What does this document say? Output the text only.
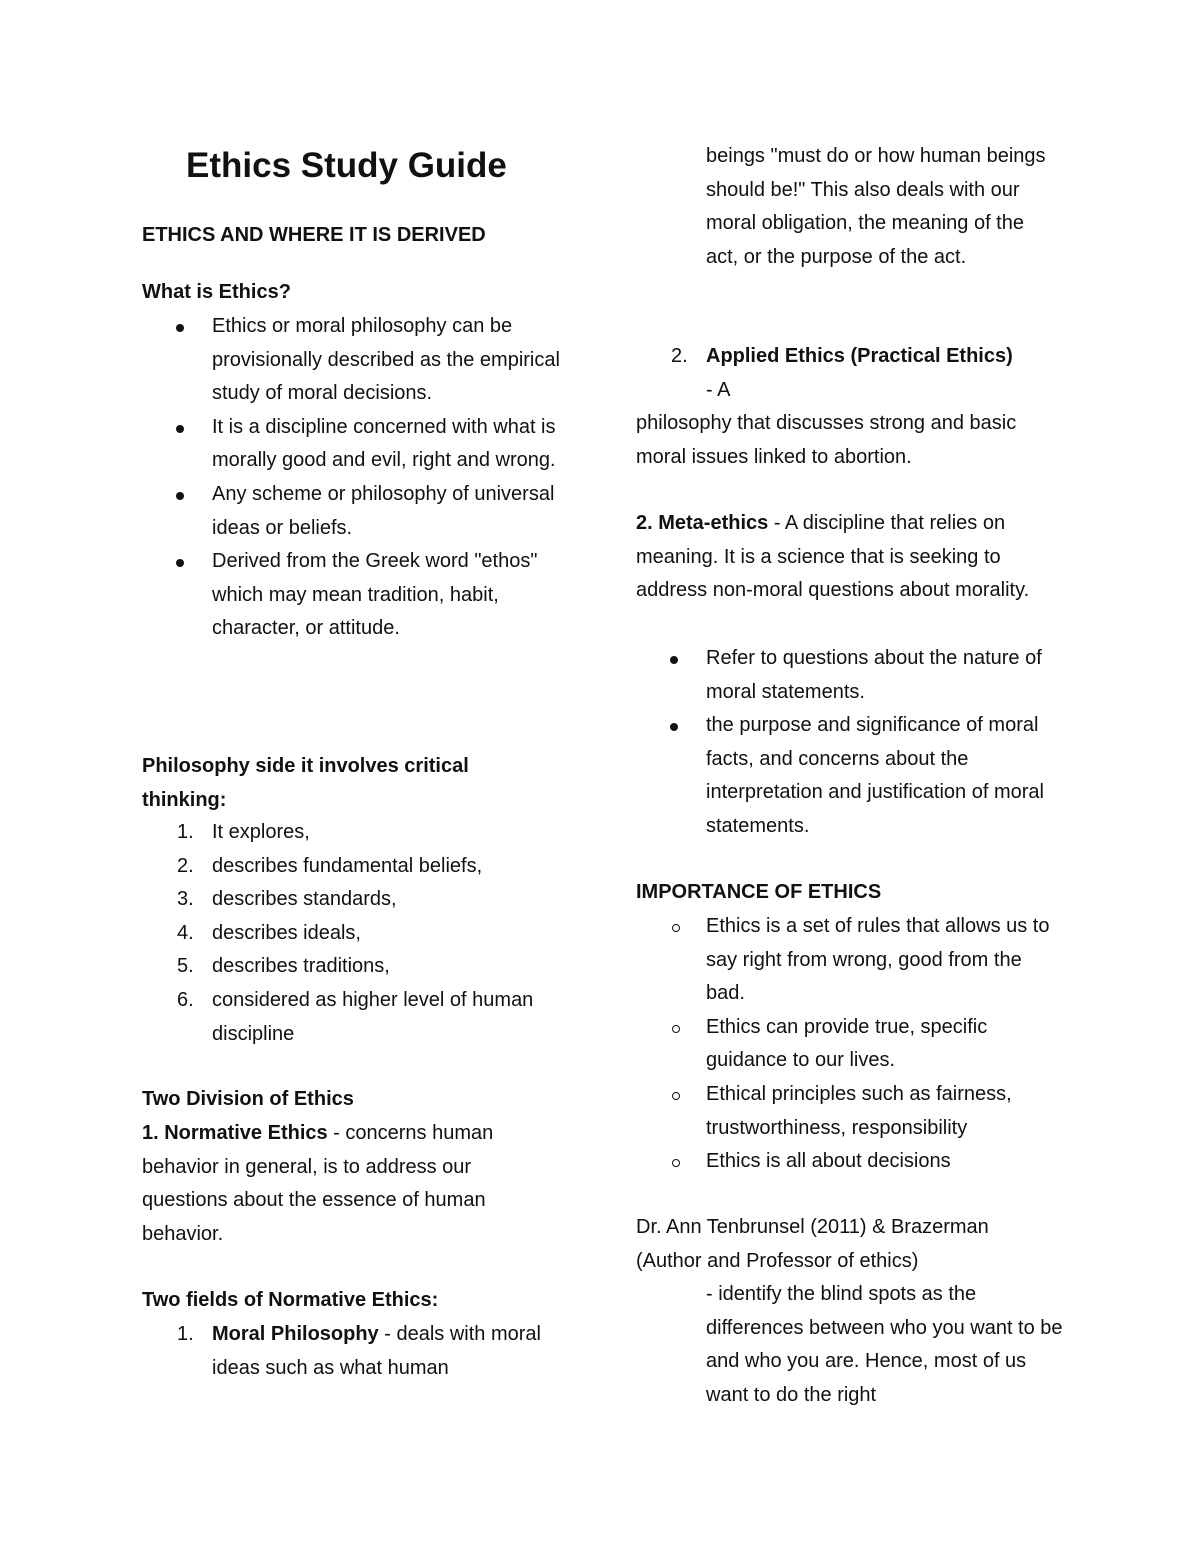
Ethics Study Guide
ETHICS AND WHERE IT IS DERIVED
What is Ethics?
Ethics or moral philosophy can be provisionally described as the empirical study of moral decisions.
It is a discipline concerned with what is morally good and evil, right and wrong.
Any scheme or philosophy of universal ideas or beliefs.
Derived from the Greek word "ethos" which may mean tradition, habit, character, or attitude.
Philosophy side it involves critical thinking:
1. It explores,
2. describes fundamental beliefs,
3. describes standards,
4. describes ideals,
5. describes traditions,
6. considered as higher level of human discipline
Two Division of Ethics
1. Normative Ethics - concerns human behavior in general, is to address our questions about the essence of human behavior.
Two fields of Normative Ethics:
1. Moral Philosophy - deals with moral ideas such as what human
beings "must do or how human beings should be!" This also deals with our moral obligation, the meaning of the act, or the purpose of the act.
2. Applied Ethics (Practical Ethics)
- A
philosophy that discusses strong and basic moral issues linked to abortion.
2. Meta-ethics - A discipline that relies on meaning. It is a science that is seeking to address non-moral questions about morality.
Refer to questions about the nature of moral statements.
the purpose and significance of moral facts, and concerns about the interpretation and justification of moral statements.
IMPORTANCE OF ETHICS
Ethics is a set of rules that allows us to say right from wrong, good from the bad.
Ethics can provide true, specific guidance to our lives.
Ethical principles such as fairness, trustworthiness, responsibility
Ethics is all about decisions
Dr. Ann Tenbrunsel (2011) & Brazerman (Author and Professor of ethics)
- identify the blind spots as the differences between who you want to be and who you are. Hence, most of us want to do the right
